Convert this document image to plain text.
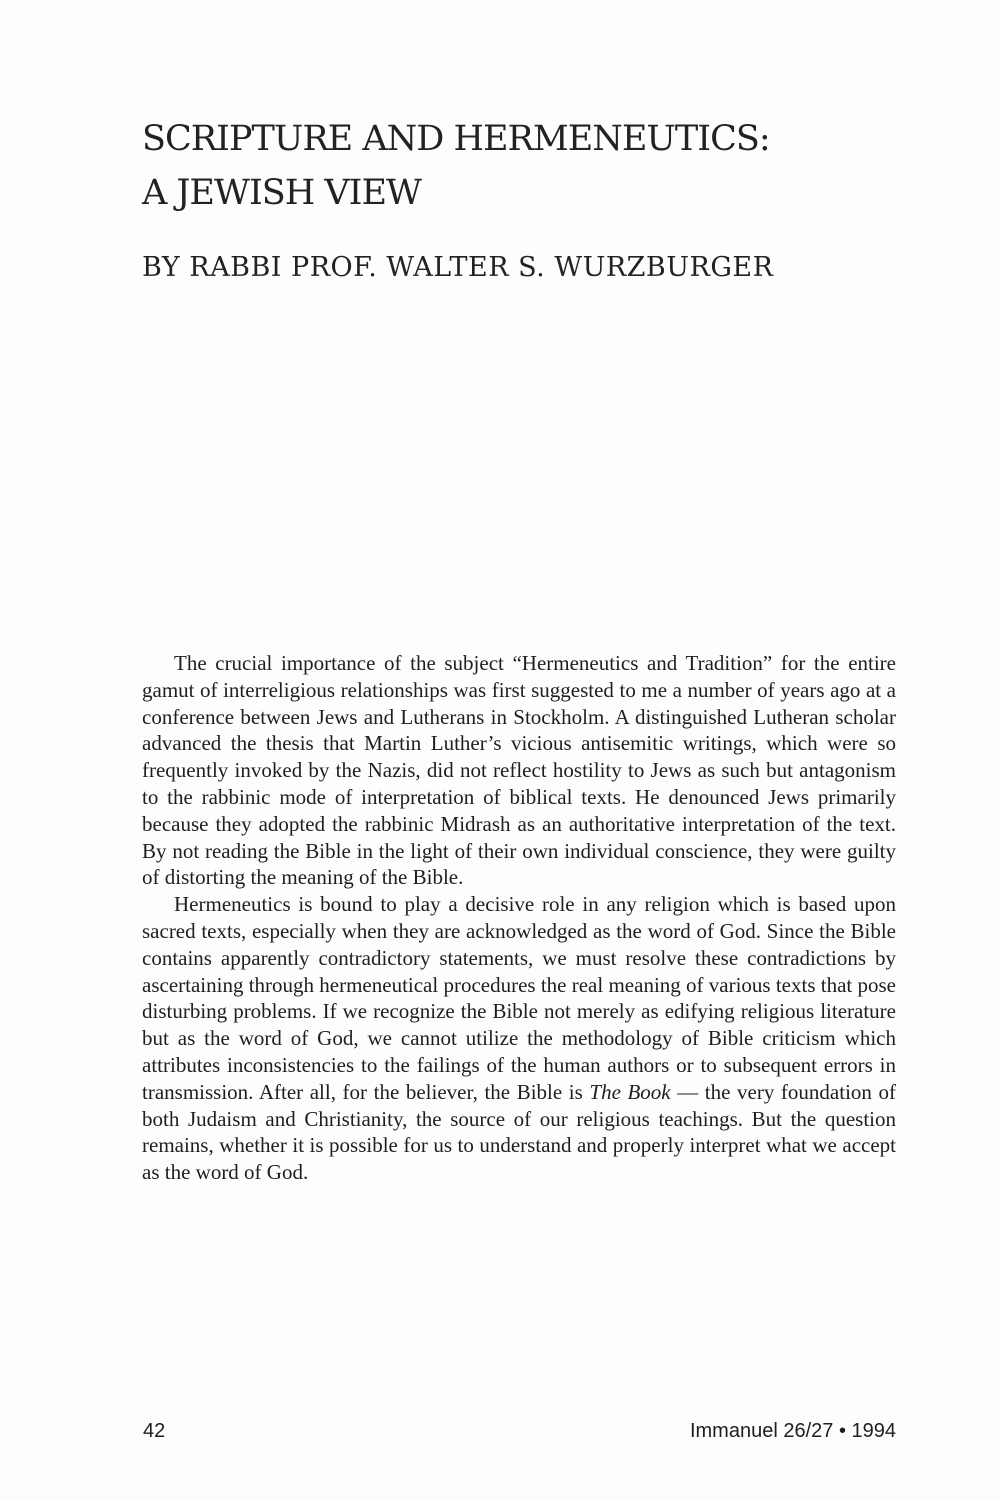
SCRIPTURE AND HERMENEUTICS:
A JEWISH VIEW
BY RABBI PROF. WALTER S. WURZBURGER

The crucial importance of the subject “Hermeneutics and Tradition” for the entire gamut of interreligious relationships was first suggested to me a number of years ago at a conference between Jews and Lutherans in Stockholm. A distinguished Lutheran scholar advanced the thesis that Martin Luther’s vicious antisemitic writings, which were so frequently invoked by the Nazis, did not reflect hostility to Jews as such but antagonism to the rabbinic mode of interpretation of biblical texts. He denounced Jews primarily because they adopted the rabbinic Midrash as an authoritative interpretation of the text. By not reading the Bible in the light of their own individual conscience, they were guilty of distorting the meaning of the Bible.

Hermeneutics is bound to play a decisive role in any religion which is based upon sacred texts, especially when they are acknowledged as the word of God. Since the Bible contains apparently contradictory statements, we must resolve these contradictions by ascertaining through hermeneutical procedures the real meaning of various texts that pose disturbing problems. If we recognize the Bible not merely as edifying religious literature but as the word of God, we cannot utilize the methodology of Bible criticism which attributes inconsistencies to the failings of the human authors or to subsequent errors in transmission. After all, for the believer, the Bible is The Book — the very foundation of both Judaism and Christianity, the source of our religious teachings. But the question remains, whether it is possible for us to understand and properly interpret what we accept as the word of God.

42	Immanuel 26/27 • 1994
